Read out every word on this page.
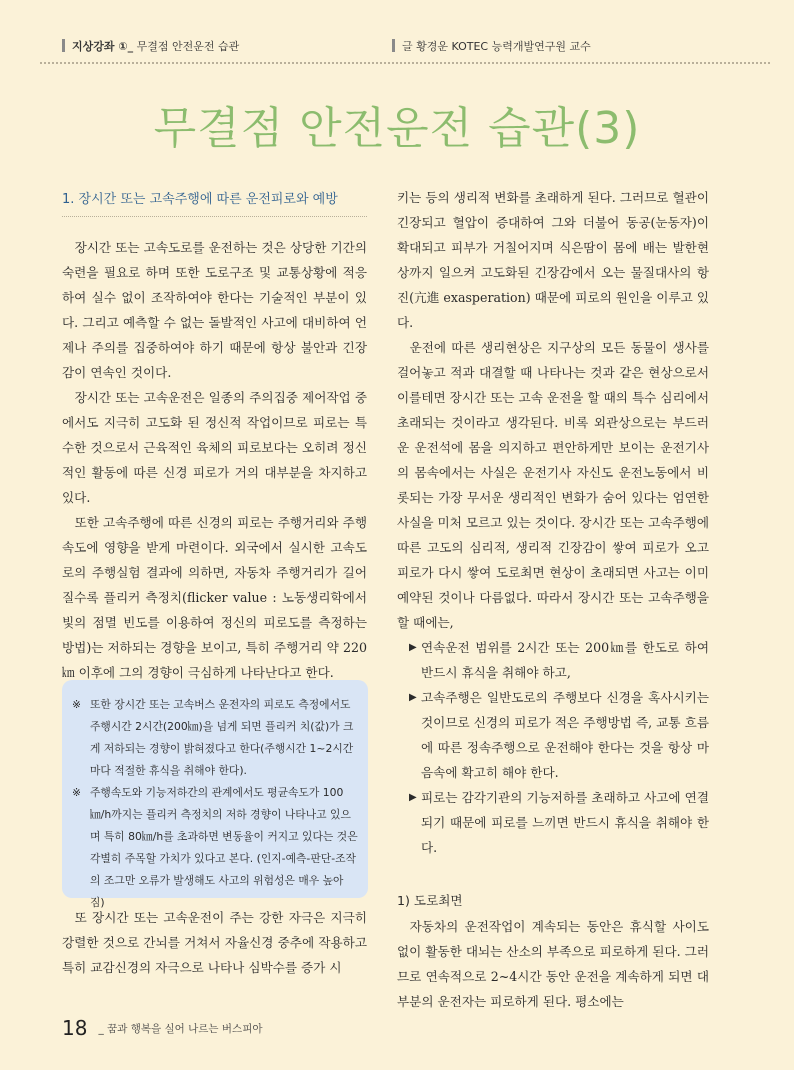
지상강좌 ①_ 무결점 안전운전 습관	글 황경운 KOTEC 능력개발연구원 교수
무결점 안전운전 습관(3)
1. 장시간 또는 고속주행에 따른 운전피로와 예방

장시간 또는 고속도로를 운전하는 것은 상당한 기간의 숙련을 필요로 하며 또한 도로구조 및 교통상황에 적응하여 실수 없이 조작하여야 한다는 기술적인 부분이 있다. 그리고 예측할 수 없는 돌발적인 사고에 대비하여 언제나 주의를 집중하여야 하기 때문에 항상 불안과 긴장감이 연속인 것이다.

장시간 또는 고속운전은 일종의 주의집중 제어작업 중에서도 지극히 고도화 된 정신적 작업이므로 피로는 특수한 것으로서 근육적인 육체의 피로보다는 오히려 정신적인 활동에 따른 신경 피로가 거의 대부분을 차지하고 있다.

또한 고속주행에 따른 신경의 피로는 주행거리와 주행속도에 영향을 받게 마련이다. 외국에서 실시한 고속도로의 주행실험 결과에 의하면, 자동차 주행거리가 길어질수록 플리커 측정치(flicker value : 노동생리학에서 빛의 점멸 빈도를 이용하여 정신의 피로도를 측정하는 방법)는 저하되는 경향을 보이고, 특히 주행거리 약 220㎞ 이후에 그의 경향이 극심하게 나타난다고 한다.

※ 또한 장시간 또는 고속버스 운전자의 피로도 측정에서도 주행시간 2시간(200㎞)을 넘게 되면 플리커 치(값)가 크게 저하되는 경향이 밝혀졌다고 한다(주행시간 1~2시간마다 적절한 휴식을 취해야 한다).
※ 주행속도와 기능저하간의 관계에서도 평균속도가 100㎞/h까지는 플리커 측정치의 저하 경향이 나타나고 있으며 특히 80㎞/h를 초과하면 변동율이 커지고 있다는 것은 각별히 주목할 가치가 있다고 본다. (인지-예측-판단-조작의 조그만 오류가 발생해도 사고의 위험성은 매우 높아짐)

또 장시간 또는 고속운전이 주는 강한 자극은 지극히 강렬한 것으로 간뇌를 거쳐서 자율신경 중추에 작용하고 특히 교감신경의 자극으로 나타나 심박수를 증가 시

키는 등의 생리적 변화를 초래하게 된다. 그러므로 혈관이 긴장되고 혈압이 증대하여 그와 더불어 동공(눈동자)이 확대되고 피부가 거칠어지며 식은땀이 몸에 배는 발한현상까지 일으켜 고도화된 긴장감에서 오는 물질대사의 항진(亢進 exasperation) 때문에 피로의 원인을 이루고 있다.

운전에 따른 생리현상은 지구상의 모든 동물이 생사를 걸어놓고 적과 대결할 때 나타나는 것과 같은 현상으로서 이를테면 장시간 또는 고속 운전을 할 때의 특수 심리에서 초래되는 것이라고 생각된다. 비록 외관상으로는 부드러운 운전석에 몸을 의지하고 편안하게만 보이는 운전기사의 몸속에서는 사실은 운전기사 자신도 운전노동에서 비롯되는 가장 무서운 생리적인 변화가 숨어 있다는 엄연한 사실을 미처 모르고 있는 것이다. 장시간 또는 고속주행에 따른 고도의 심리적, 생리적 긴장감이 쌓여 피로가 오고 피로가 다시 쌓여 도로최면 현상이 초래되면 사고는 이미 예약된 것이나 다름없다. 따라서 장시간 또는 고속주행을 할 때에는,

▶ 연속운전 범위를 2시간 또는 200㎞를 한도로 하여 반드시 휴식을 취해야 하고,
▶ 고속주행은 일반도로의 주행보다 신경을 혹사시키는 것이므로 신경의 피로가 적은 주행방법 즉, 교통 흐름에 따른 정속주행으로 운전해야 한다는 것을 항상 마음속에 확고히 해야 한다.
▶ 피로는 감각기관의 기능저하를 초래하고 사고에 연결되기 때문에 피로를 느끼면 반드시 휴식을 취해야 한다.
1) 도로최면

자동차의 운전작업이 계속되는 동안은 휴식할 사이도 없이 활동한 대뇌는 산소의 부족으로 피로하게 된다. 그러므로 연속적으로 2~4시간 동안 운전을 계속하게 되면 대부분의 운전자는 피로하게 된다. 평소에는

18 _ 꿈과 행복을 실어 나르는 버스피아
